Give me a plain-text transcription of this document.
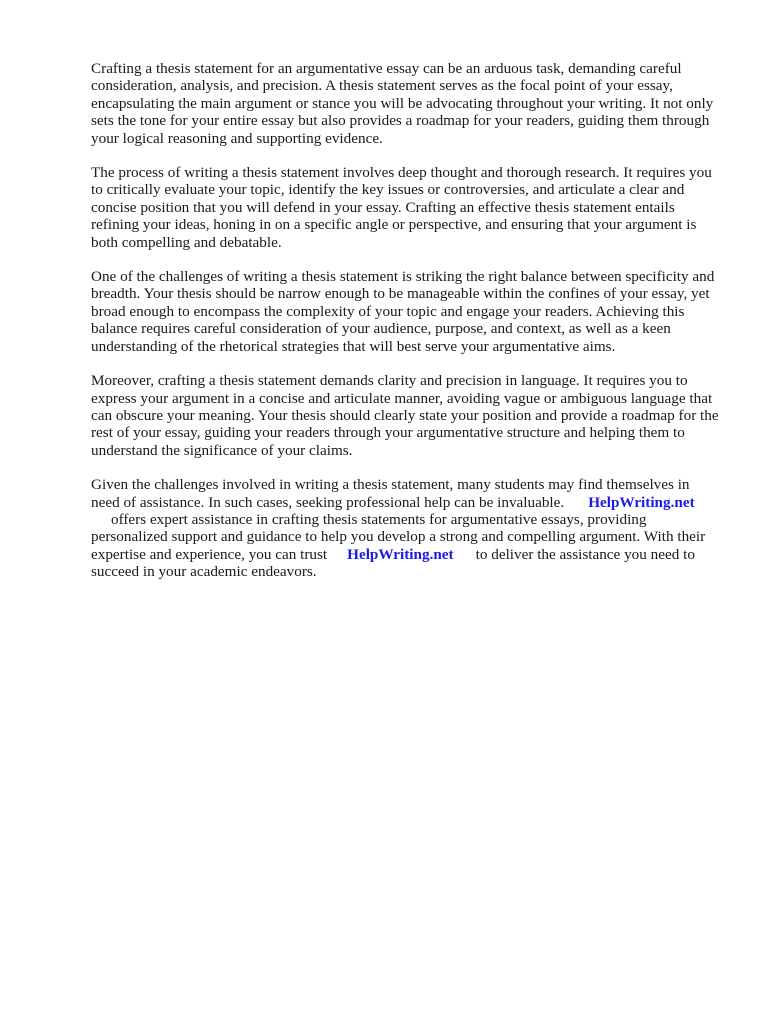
Crafting a thesis statement for an argumentative essay can be an arduous task, demanding careful consideration, analysis, and precision. A thesis statement serves as the focal point of your essay, encapsulating the main argument or stance you will be advocating throughout your writing. It not only sets the tone for your entire essay but also provides a roadmap for your readers, guiding them through your logical reasoning and supporting evidence.

The process of writing a thesis statement involves deep thought and thorough research. It requires you to critically evaluate your topic, identify the key issues or controversies, and articulate a clear and concise position that you will defend in your essay. Crafting an effective thesis statement entails refining your ideas, honing in on a specific angle or perspective, and ensuring that your argument is both compelling and debatable.

One of the challenges of writing a thesis statement is striking the right balance between specificity and breadth. Your thesis should be narrow enough to be manageable within the confines of your essay, yet broad enough to encompass the complexity of your topic and engage your readers. Achieving this balance requires careful consideration of your audience, purpose, and context, as well as a keen understanding of the rhetorical strategies that will best serve your argumentative aims.

Moreover, crafting a thesis statement demands clarity and precision in language. It requires you to express your argument in a concise and articulate manner, avoiding vague or ambiguous language that can obscure your meaning. Your thesis should clearly state your position and provide a roadmap for the rest of your essay, guiding your readers through your argumentative structure and helping them to understand the significance of your claims.

Given the challenges involved in writing a thesis statement, many students may find themselves in need of assistance. In such cases, seeking professional help can be invaluable. HelpWriting.net
offers expert assistance in crafting thesis statements for argumentative essays, providing personalized support and guidance to help you develop a strong and compelling argument. With their expertise and experience, you can trust HelpWriting.net to deliver the assistance you need to succeed in your academic endeavors.
